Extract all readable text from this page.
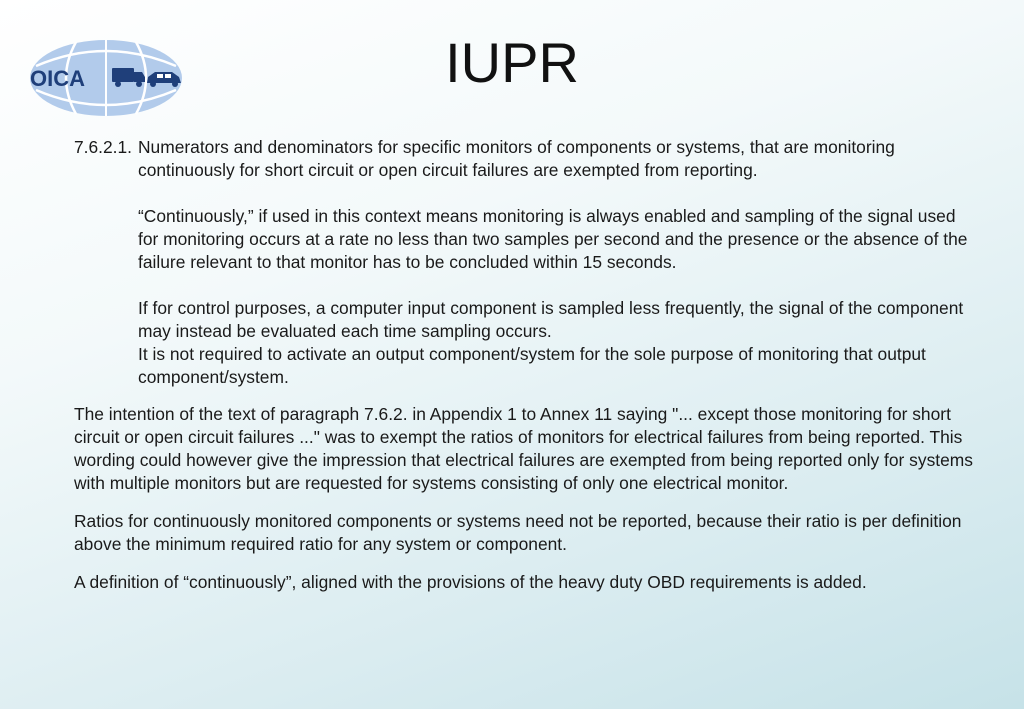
OICA	IUPR
7.6.2.1. Numerators and denominators for specific monitors of components or systems, that are monitoring continuously for short circuit or open circuit failures are exempted from reporting.

“Continuously,” if used in this context means monitoring is always enabled and sampling of the signal used for monitoring occurs at a rate no less than two samples per second and the presence or the absence of the failure relevant to that monitor has to be concluded within 15 seconds.

If for control purposes, a computer input component is sampled less frequently, the signal of the component may instead be evaluated each time sampling occurs.

It is not required to activate an output component/system for the sole purpose of monitoring that output component/system.

The intention of the text of paragraph 7.6.2. in Appendix 1 to Annex 11 saying "... except those monitoring for short circuit or open circuit failures ..." was to exempt the ratios of monitors for electrical failures from being reported. This wording could however give the impression that electrical failures are exempted from being reported only for systems with multiple monitors but are requested for systems consisting of only one electrical monitor.

Ratios for continuously monitored components or systems need not be reported, because their ratio is per definition above the minimum required ratio for any system or component.

A definition of “continuously”, aligned with the provisions of the heavy duty OBD requirements is added.
